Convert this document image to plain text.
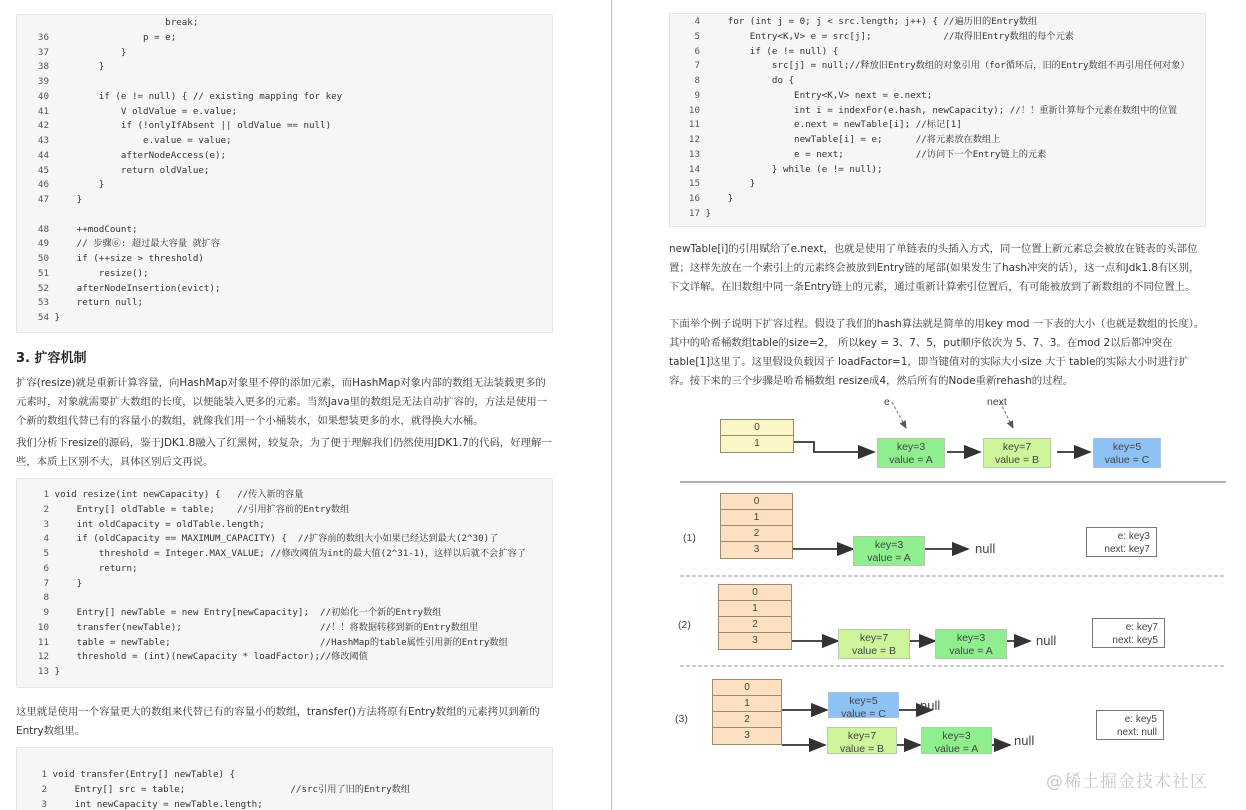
break;
36                 p = e;
37             }
38         }
39
40         if (e != null) { // existing mapping for key
41             V oldValue = e.value;
42             if (!onlyIfAbsent || oldValue == null)
43                 e.value = value;
44             afterNodeAccess(e);
45             return oldValue;
46         }
47     }

48     ++modCount;
49     // 步骤⑥: 超过最大容量 就扩容
50     if (++size > threshold)
51         resize();
52     afterNodeInsertion(evict);
53     return null;
54 }
3. 扩容机制
扩容(resize)就是重新计算容量，向HashMap对象里不停的添加元素，而HashMap对象内部的数组无法装载更多的元素时，对象就需要扩大数组的长度，以便能装入更多的元素。当然Java里的数组是无法自动扩容的，方法是使用一个新的数组代替已有的容量小的数组，就像我们用一个小桶装水，如果想装更多的水，就得换大水桶。
我们分析下resize的源码，鉴于JDK1.8融入了红黑树，较复杂，为了便于理解我们仍然使用JDK1.7的代码，好理解一些，本质上区别不大，具体区别后文再说。
1 void resize(int newCapacity) {   //传入新的容量
2     Entry[] oldTable = table;    //引用扩容前的Entry数组
3     int oldCapacity = oldTable.length;
4     if (oldCapacity == MAXIMUM_CAPACITY) {  //扩容前的数组大小如果已经达到最大(2^30)了
5         threshold = Integer.MAX_VALUE; //修改阈值为int的最大值(2^31-1)，这样以后就不会扩容了
6         return;
7     }
8
9     Entry[] newTable = new Entry[newCapacity];  //初始化一个新的Entry数组
10     transfer(newTable);                         //！！将数据转移到新的Entry数组里
11     table = newTable;                           //HashMap的table属性引用新的Entry数组
12     threshold = (int)(newCapacity * loadFactor);//修改阈值
13 }
这里就是使用一个容量更大的数组来代替已有的容量小的数组，transfer()方法将原有Entry数组的元素拷贝到新的Entry数组里。
1 void transfer(Entry[] newTable) {
2     Entry[] src = table;                   //src引用了旧的Entry数组
3     int newCapacity = newTable.length;
4     for (int j = 0; j < src.length; j++) { //遍历旧的Entry数组
5         Entry<K,V> e = src[j];             //取得旧Entry数组的每个元素
6         if (e != null) {
7             src[j] = null;//释放旧Entry数组的对象引用（for循环后，旧的Entry数组不再引用任何对象）
8             do {
9                 Entry<K,V> next = e.next;
10                 int i = indexFor(e.hash, newCapacity); //！！重新计算每个元素在数组中的位置
11                 e.next = newTable[i]; //标记[1]
12                 newTable[i] = e;      //将元素放在数组上
13                 e = next;             //访问下一个Entry链上的元素
14             } while (e != null);
15         }
16     }
17 }
newTable[i]的引用赋给了e.next，也就是使用了单链表的头插入方式，同一位置上新元素总会被放在链表的头部位置；这样先放在一个索引上的元素终会被放到Entry链的尾部(如果发生了hash冲突的话），这一点和Jdk1.8有区别，下文详解。在旧数组中同一条Entry链上的元素，通过重新计算索引位置后，有可能被放到了新数组的不同位置上。
下面举个例子说明下扩容过程。假设了我们的hash算法就是简单的用key mod 一下表的大小（也就是数组的长度）。其中的哈希桶数组table的size=2， 所以key = 3、7、5，put顺序依次为 5、7、3。在mod 2以后都冲突在table[1]这里了。这里假设负载因子 loadFactor=1，即当键值对的实际大小size 大于 table的实际大小时进行扩容。接下来的三个步骤是哈希桶数组 resize成4，然后所有的Node重新rehash的过程。
e	next
0
1	key=3
value = A
key=7
value = B
key=5
value = C
(1)
0
1
2
3	key=3
value = A
null
e: key3
next: key7
(2)
0
1
2
3	key=7
value = B
key=3
value = A
null
e: key7
next: key5
(3)
0
1
2
3
key=5
value = C
null
key=7
value = B
key=3
value = A
null
e: key5
next: null
@稀土掘金技术社区
